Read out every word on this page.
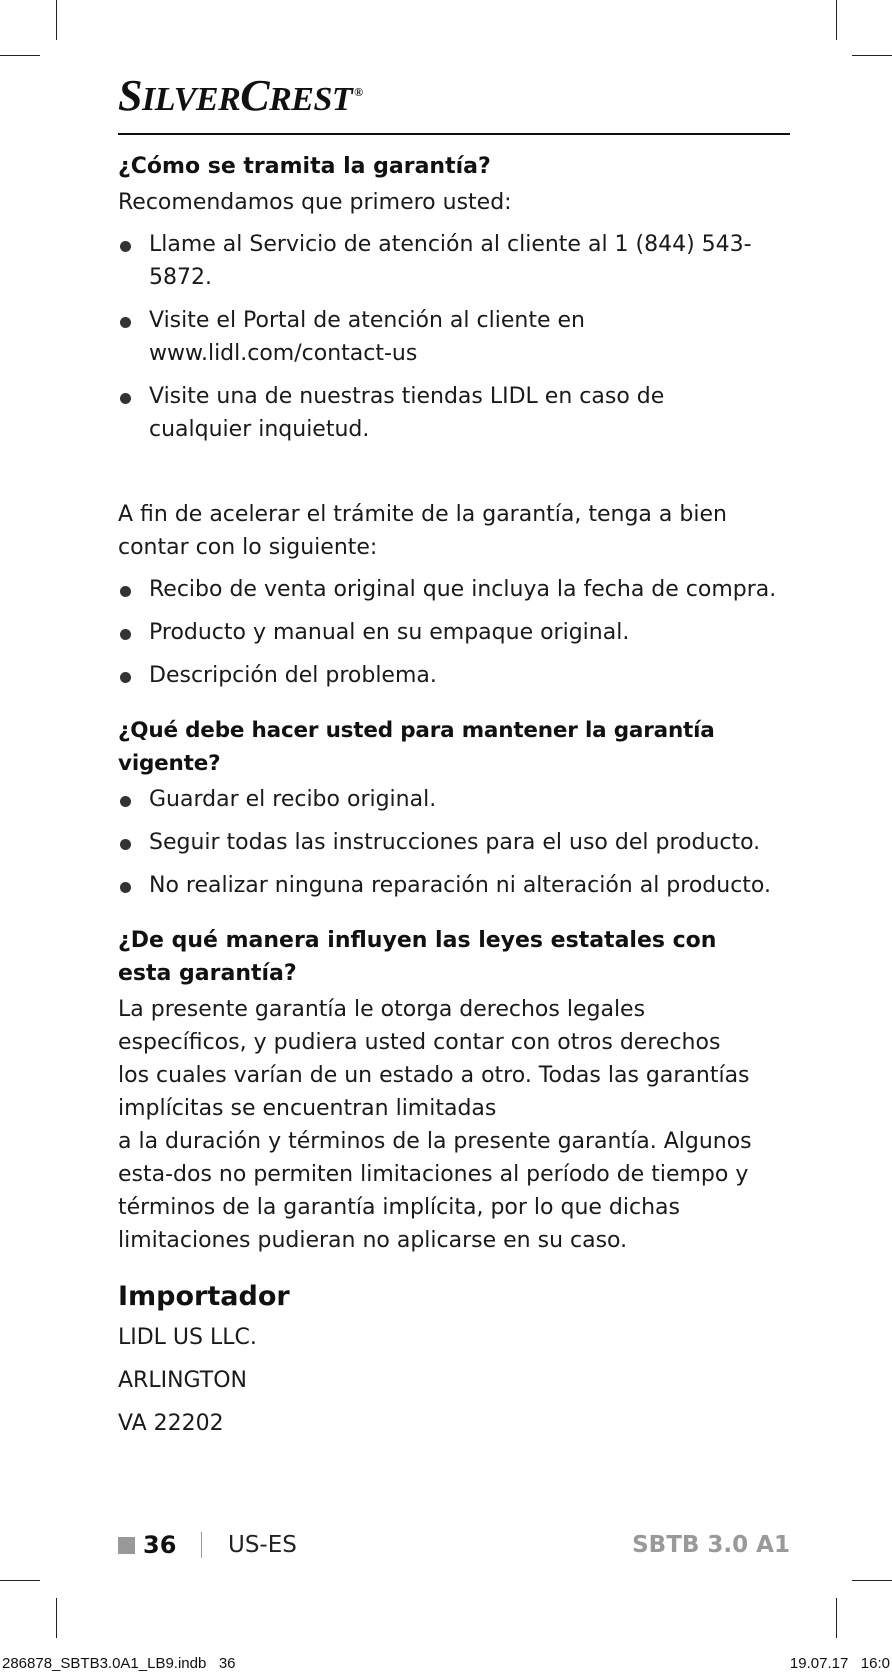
SILVERCREST ®
¿Cómo se tramita la garantía?

Recomendamos que primero usted:

Llame al Servicio de atención al cliente al 1 (844) 543-5872.
Visite el Portal de atención al cliente en www.lidl.com/contact-us
Visite una de nuestras tiendas LIDL en caso de cualquier inquietud.

A fin de acelerar el trámite de la garantía, tenga a bien contar con lo siguiente:

Recibo de venta original que incluya la fecha de compra.
Producto y manual en su empaque original.
Descripción del problema.
¿Qué debe hacer usted para mantener la garantía vigente?
Guardar el recibo original.
Seguir todas las instrucciones para el uso del producto.
No realizar ninguna reparación ni alteración al producto.
¿De qué manera influyen las leyes estatales con esta garantía?

La presente garantía le otorga derechos legales específicos, y pudiera usted contar con otros derechos los cuales varían de un estado a otro. Todas las garantías implícitas se encuentran limitadas

a la duración y términos de la presente garantía. Algunos esta-dos no permiten limitaciones al período de tiempo y términos de la garantía implícita, por lo que dichas limitaciones pudieran no aplicarse en su caso.

Importador

LIDL US LLC.

ARLINGTON

VA 22202

36 US-ES	SBTB 3.0 A1
286878_SBTB3.0A1_LB9.indb   36	19.07.17   16:0
